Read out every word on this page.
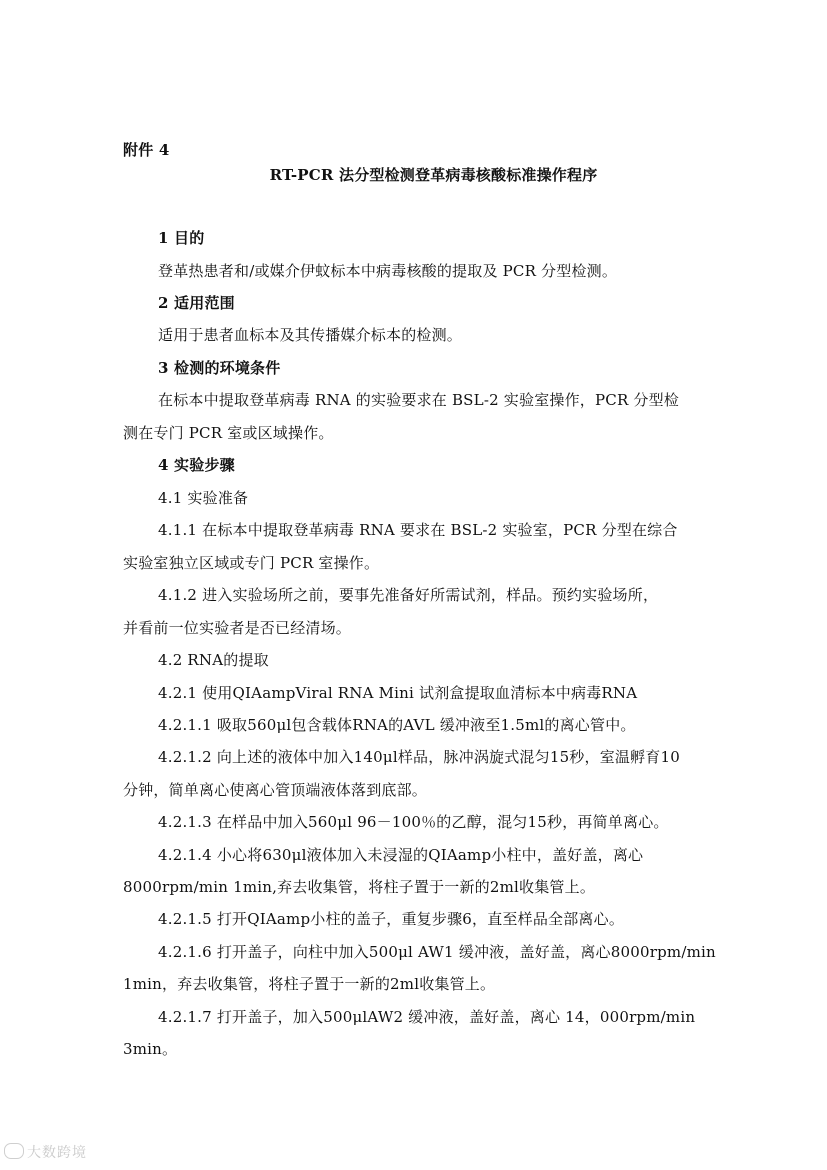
附件 4
RT-PCR 法分型检测登革病毒核酸标准操作程序
1 目的
登革热患者和/或媒介伊蚊标本中病毒核酸的提取及 PCR 分型检测。
2 适用范围
适用于患者血标本及其传播媒介标本的检测。
3 检测的环境条件
在标本中提取登革病毒 RNA 的实验要求在 BSL-2 实验室操作，PCR 分型检
测在专门 PCR 室或区域操作。
4 实验步骤
4.1 实验准备
4.1.1 在标本中提取登革病毒 RNA 要求在 BSL-2 实验室，PCR 分型在综合
实验室独立区域或专门 PCR 室操作。
4.1.2 进入实验场所之前，要事先准备好所需试剂，样品。预约实验场所，
并看前一位实验者是否已经清场。
4.2 RNA的提取
4.2.1 使用QIAampViral RNA Mini 试剂盒提取血清标本中病毒RNA
4.2.1.1 吸取560μl包含载体RNA的AVL 缓冲液至1.5ml的离心管中。
4.2.1.2 向上述的液体中加入140μl样品，脉冲涡旋式混匀15秒，室温孵育10
分钟，简单离心使离心管顶端液体落到底部。
4.2.1.3 在样品中加入560μl 96－100％的乙醇，混匀15秒，再简单离心。
4.2.1.4 小心将630μl液体加入未浸湿的QIAamp小柱中，盖好盖，离心
8000rpm/min 1min,弃去收集管，将柱子置于一新的2ml收集管上。
4.2.1.5 打开QIAamp小柱的盖子，重复步骤6，直至样品全部离心。
4.2.1.6 打开盖子，向柱中加入500μl AW1 缓冲液，盖好盖，离心8000rpm/min
1min，弃去收集管，将柱子置于一新的2ml收集管上。
4.2.1.7 打开盖子，加入500μlAW2 缓冲液，盖好盖，离心 14，000rpm/min
3min。
大数跨境
